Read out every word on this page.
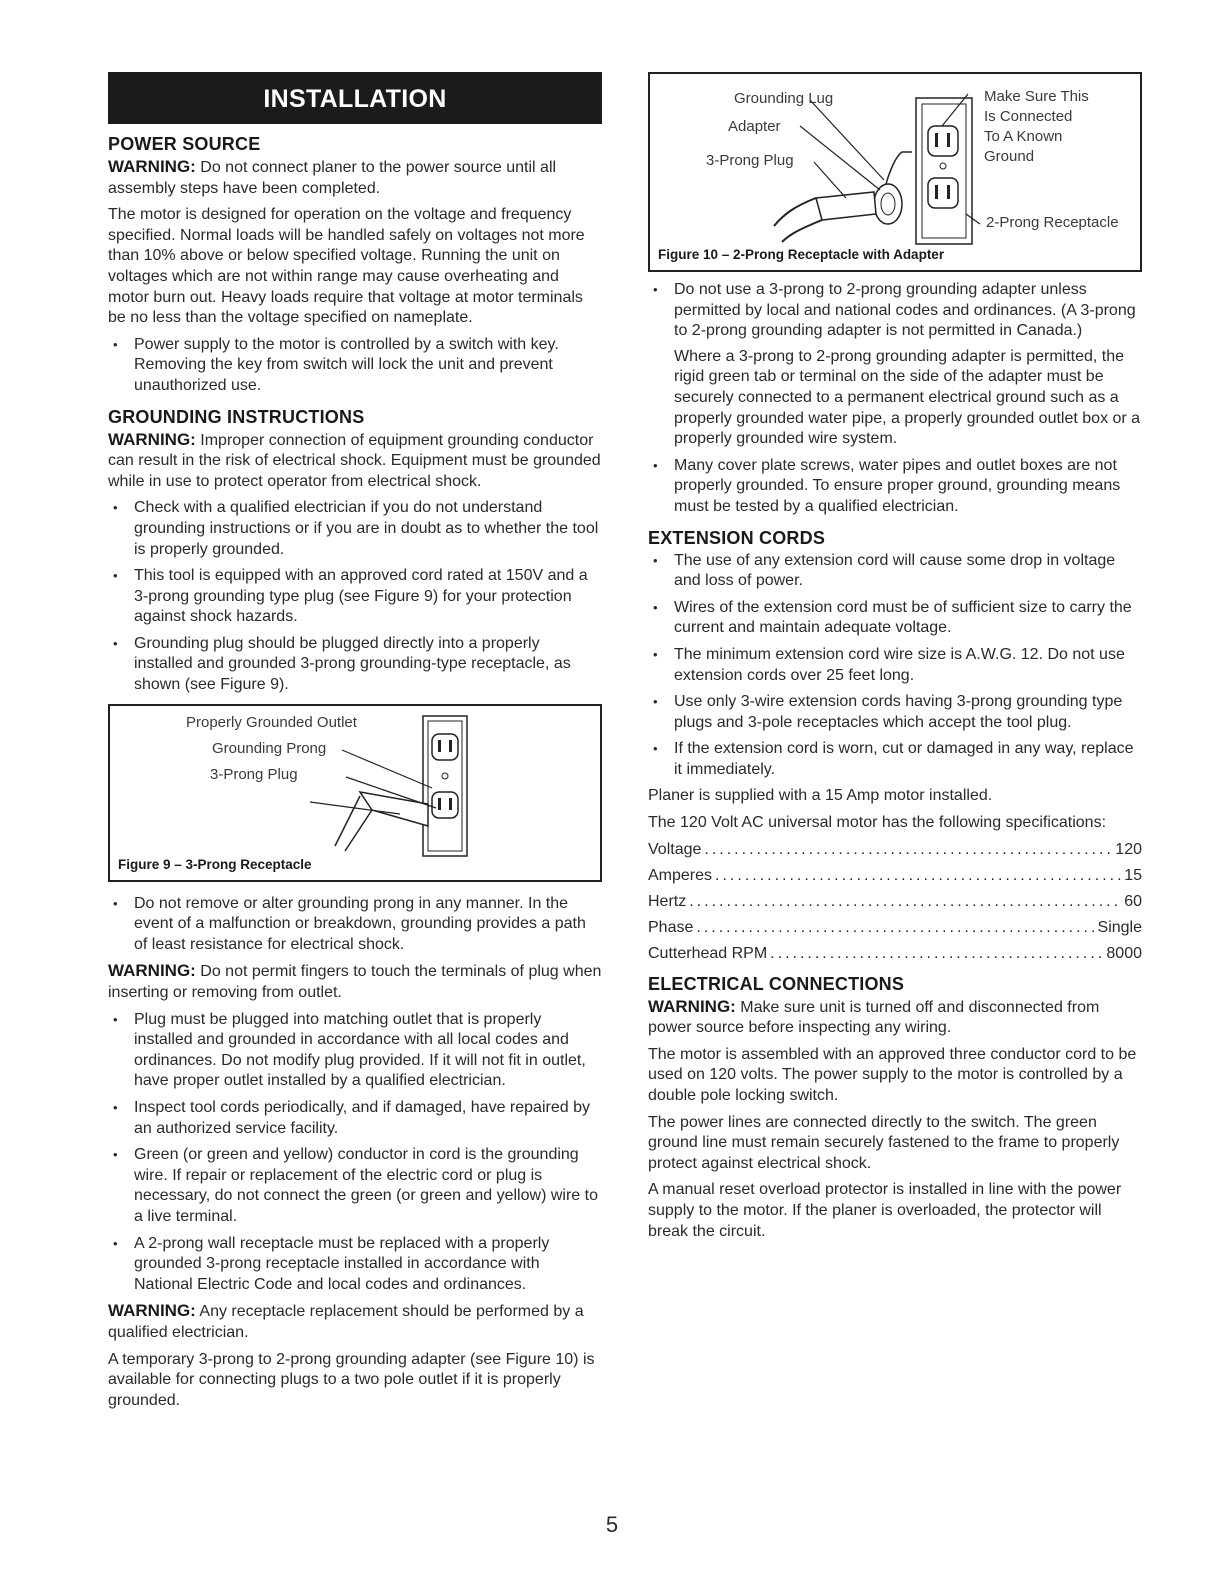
INSTALLATION
POWER SOURCE

WARNING: Do not connect planer to the power source until all assembly steps have been completed.

The motor is designed for operation on the voltage and frequency specified. Normal loads will be handled safely on voltages not more than 10% above or below specified voltage. Running the unit on voltages which are not within range may cause overheating and motor burn out. Heavy loads require that voltage at motor terminals be no less than the voltage specified on nameplate.

• Power supply to the motor is controlled by a switch with key. Removing the key from switch will lock the unit and prevent unauthorized use.
GROUNDING INSTRUCTIONS

WARNING: Improper connection of equipment grounding conductor can result in the risk of electrical shock. Equipment must be grounded while in use to protect operator from electrical shock.

• Check with a qualified electrician if you do not understand grounding instructions or if you are in doubt as to whether the tool is properly grounded.
• This tool is equipped with an approved cord rated at 150V and a 3-prong grounding type plug (see Figure 9) for your protection against shock hazards.
• Grounding plug should be plugged directly into a properly installed and grounded 3-prong grounding-type receptacle, as shown (see Figure 9).
Properly Grounded Outlet
Grounding Prong
3-Prong Plug
Figure 9 – 3-Prong Receptacle
• Do not remove or alter grounding prong in any manner. In the event of a malfunction or breakdown, grounding provides a path of least resistance for electrical shock.

WARNING: Do not permit fingers to touch the terminals of plug when inserting or removing from outlet.

• Plug must be plugged into matching outlet that is properly installed and grounded in accordance with all local codes and ordinances. Do not modify plug provided. If it will not fit in outlet, have proper outlet installed by a qualified electrician.
• Inspect tool cords periodically, and if damaged, have repaired by an authorized service facility.
• Green (or green and yellow) conductor in cord is the grounding wire. If repair or replacement of the electric cord or plug is necessary, do not connect the green (or green and yellow) wire to a live terminal.
• A 2-prong wall receptacle must be replaced with a properly grounded 3-prong receptacle installed in accordance with National Electric Code and local codes and ordinances.

WARNING: Any receptacle replacement should be performed by a qualified electrician.

A temporary 3-prong to 2-prong grounding adapter (see Figure 10) is available for connecting plugs to a two pole outlet if it is properly grounded.

Grounding Lug
Adapter
3-Prong Plug
Make Sure This
Is Connected
To A Known
Ground
2-Prong Receptacle
Figure 10 – 2-Prong Receptacle with Adapter
• Do not use a 3-prong to 2-prong grounding adapter unless permitted by local and national codes and ordinances. (A 3-prong to 2-prong grounding adapter is not permitted in Canada.)
Where a 3-prong to 2-prong grounding adapter is permitted, the rigid green tab or terminal on the side of the adapter must be securely connected to a permanent electrical ground such as a properly grounded water pipe, a properly grounded outlet box or a properly grounded wire system.
• Many cover plate screws, water pipes and outlet boxes are not properly grounded. To ensure proper ground, grounding means must be tested by a qualified electrician.
EXTENSION CORDS
• The use of any extension cord will cause some drop in voltage and loss of power.
• Wires of the extension cord must be of sufficient size to carry the current and maintain adequate voltage.
• The minimum extension cord wire size is A.W.G. 12. Do not use extension cords over 25 feet long.
• Use only 3-wire extension cords having 3-prong grounding type plugs and 3-pole receptacles which accept the tool plug.
• If the extension cord is worn, cut or damaged in any way, replace it immediately.

Planer is supplied with a 15 Amp motor installed.

The 120 Volt AC universal motor has the following specifications:

Voltage .....	120
Amperes .....	15
Hertz .....	60
Phase .....	Single
Cutterhead RPM .....	8000
ELECTRICAL CONNECTIONS

WARNING: Make sure unit is turned off and disconnected from power source before inspecting any wiring.

The motor is assembled with an approved three conductor cord to be used on 120 volts. The power supply to the motor is controlled by a double pole locking switch.

The power lines are connected directly to the switch. The green ground line must remain securely fastened to the frame to properly protect against electrical shock.

A manual reset overload protector is installed in line with the power supply to the motor. If the planer is overloaded, the protector will break the circuit.

5
